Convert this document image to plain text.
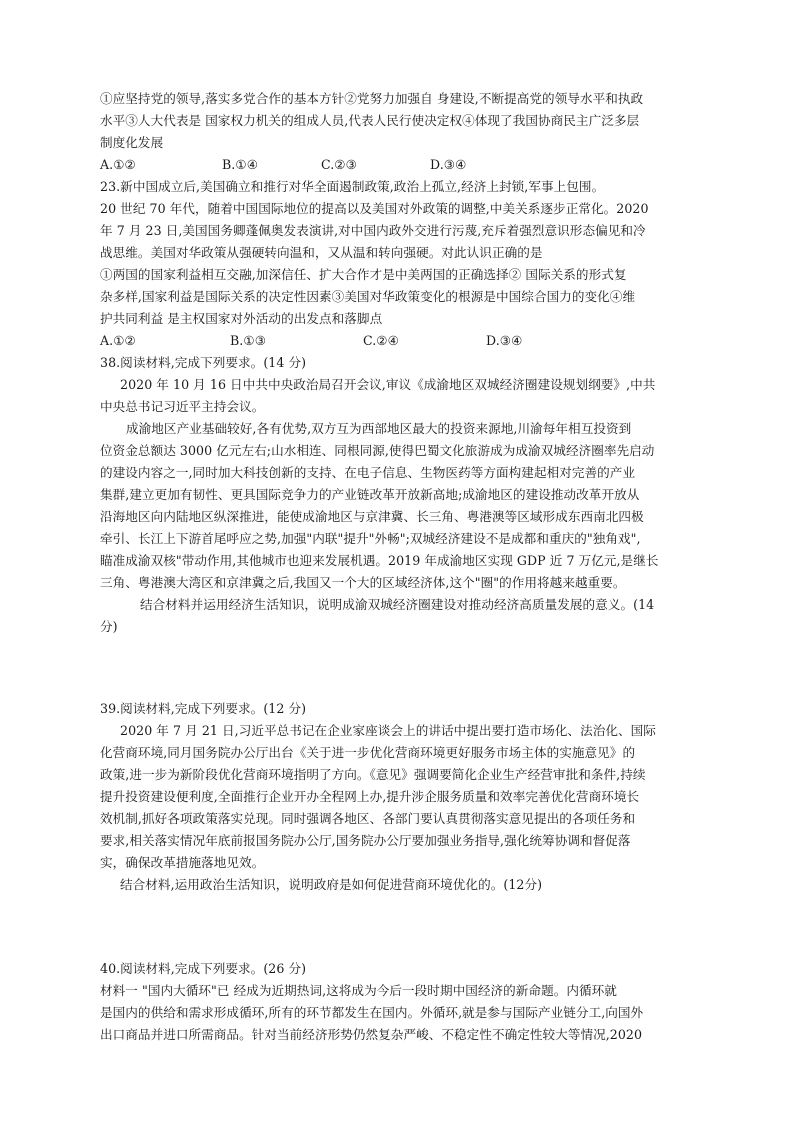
①应坚持党的领导,落实多党合作的基本方针②党努力加强自 身建设,不断提高党的领导水平和执政
水平③人大代表是 国家权力机关的组成人员,代表人民行使决定权④体现了我国协商民主广泛多层
制度化发展
A.①②	B.①④	C.②③	D.③④
23.新中国成立后,美国确立和推行对华全面遏制政策,政治上孤立,经济上封锁,军事上包围。
20 世纪 70 年代，随着中国国际地位的提高以及美国对外政策的调整,中美关系逐步正常化。2020
年 7 月 23 日,美国国务卿蓬佩奥发表演讲,对中国内政外交进行污蔑,充斥着强烈意识形态偏见和冷
战思维。美国对华政策从强硬转向温和，又从温和转向强硬。对此认识正确的是
①两国的国家利益相互交融,加深信任、扩大合作才是中美两国的正确选择② 国际关系的形式复
杂多样,国家利益是国际关系的决定性因素③美国对华政策变化的根源是中国综合国力的变化④维
护共同利益 是主权国家对外活动的出发点和落脚点
A.①②	B.①③	C.②④	D.③④
38.阅读材料,完成下列要求。(14 分)
2020 年 10 月 16 日中共中央政治局召开会议,审议《成渝地区双城经济圈建设规划纲要》,中共
中央总书记习近平主持会议。
成渝地区产业基础较好,各有优势,双方互为西部地区最大的投资来源地,川渝每年相互投资到
位资金总额达 3000 亿元左右;山水相连、同根同源,使得巴蜀文化旅游成为成渝双城经济圈率先启动
的建设内容之一,同时加大科技创新的支持、在电子信息、生物医药等方面构建起相对完善的产业
集群,建立更加有韧性、更具国际竞争力的产业链改革开放新高地;成渝地区的建设推动改革开放从
沿海地区向内陆地区纵深推进，能使成渝地区与京津冀、长三角、粤港澳等区域形成东西南北四极
牵引、长江上下游首尾呼应之势,加强"内联"提升"外畅";双城经济建设不是成都和重庆的"独角戏",
瞄准成渝双核"带动作用,其他城市也迎来发展机遇。2019 年成渝地区实现 GDP 近 7 万亿元,是继长
三角、粤港澳大湾区和京津冀之后,我国又一个大的区域经济体,这个"圈"的作用将越来越重要。
结合材料并运用经济生活知识，说明成渝双城经济圈建设对推动经济高质量发展的意义。(14
分)
39.阅读材料,完成下列要求。(12 分)
2020 年 7 月 21 日,习近平总书记在企业家座谈会上的讲话中提出要打造市场化、法治化、国际
化营商环境,同月国务院办公厅出台《关于进一步优化营商环境更好服务市场主体的实施意见》的
政策,进一步为新阶段优化营商环境指明了方向。《意见》强调要简化企业生产经营审批和条件,持续
提升投资建设便利度,全面推行企业开办全程网上办,提升涉企服务质量和效率完善优化营商环境长
效机制,抓好各项政策落实兑现。同时强调各地区、各部门要认真贯彻落实意见提出的各项任务和
要求,相关落实情况年底前报国务院办公厅,国务院办公厅要加强业务指导,强化统筹协调和督促落
实，确保改革措施落地见效。
结合材料,运用政治生活知识，说明政府是如何促进营商环境优化的。(12分)
40.阅读材料,完成下列要求。(26 分)
材料一 "国内大循环"已 经成为近期热词,这将成为今后一段时期中国经济的新命题。内循环就
是国内的供给和需求形成循环,所有的环节都发生在国内。外循环,就是参与国际产业链分工,向国外
出口商品并进口所需商品。针对当前经济形势仍然复杂严峻、不稳定性不确定性较大等情况,2020
